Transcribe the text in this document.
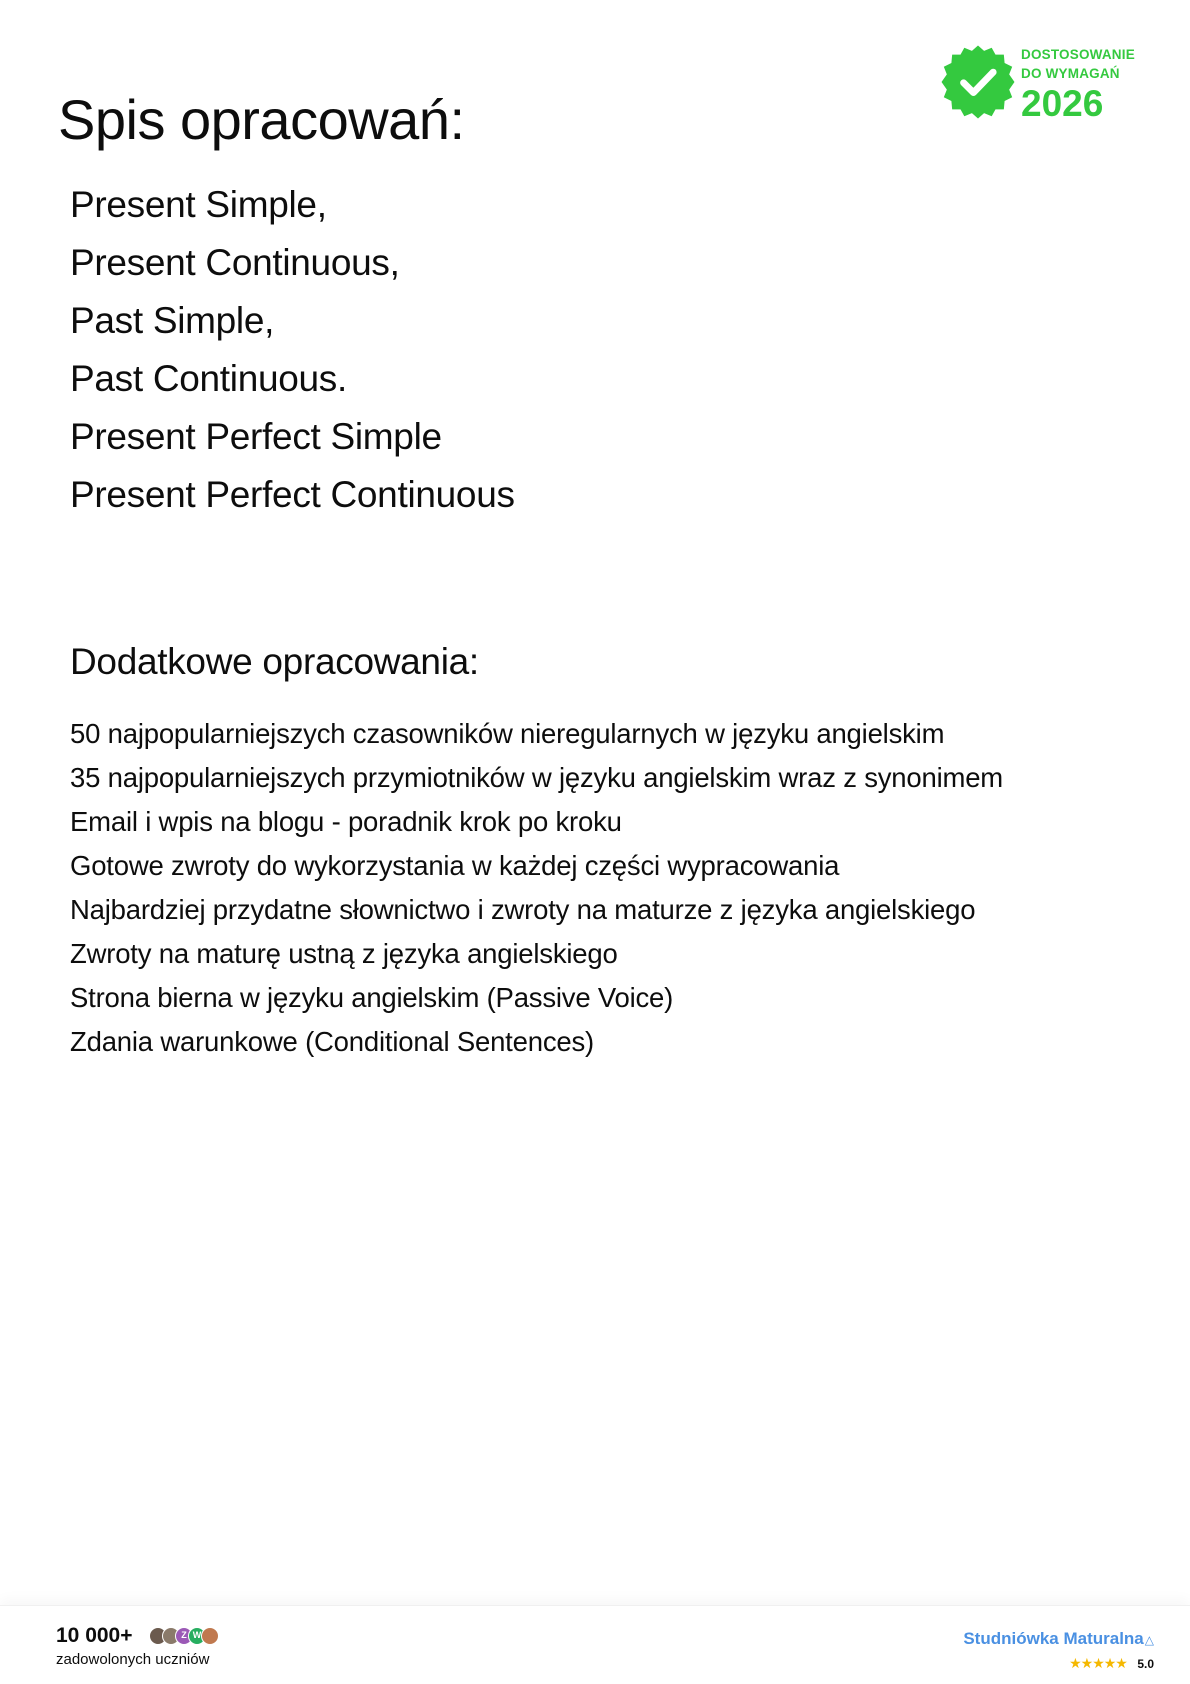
DOSTOSOWANIE
DO WYMAGAŃ
2026
Spis opracowań:
Present Simple,
Present Continuous,
Past Simple,
Past Continuous.
Present Perfect Simple
Present Perfect Continuous
Dodatkowe opracowania:
50 najpopularniejszych czasowników nieregularnych w języku angielskim
35 najpopularniejszych przymiotników w języku angielskim wraz z synonimem
Email i wpis na blogu - poradnik krok po kroku
Gotowe zwroty do wykorzystania w każdej części wypracowania
Najbardziej przydatne słownictwo i zwroty na maturze z języka angielskiego
Zwroty na maturę ustną z języka angielskiego
Strona bierna w języku angielskim (Passive Voice)
Zdania warunkowe (Conditional Sentences)
10 000+	Z W
zadowolonych uczniów
Studniówka Maturalna△
★★★★★ 5.0
